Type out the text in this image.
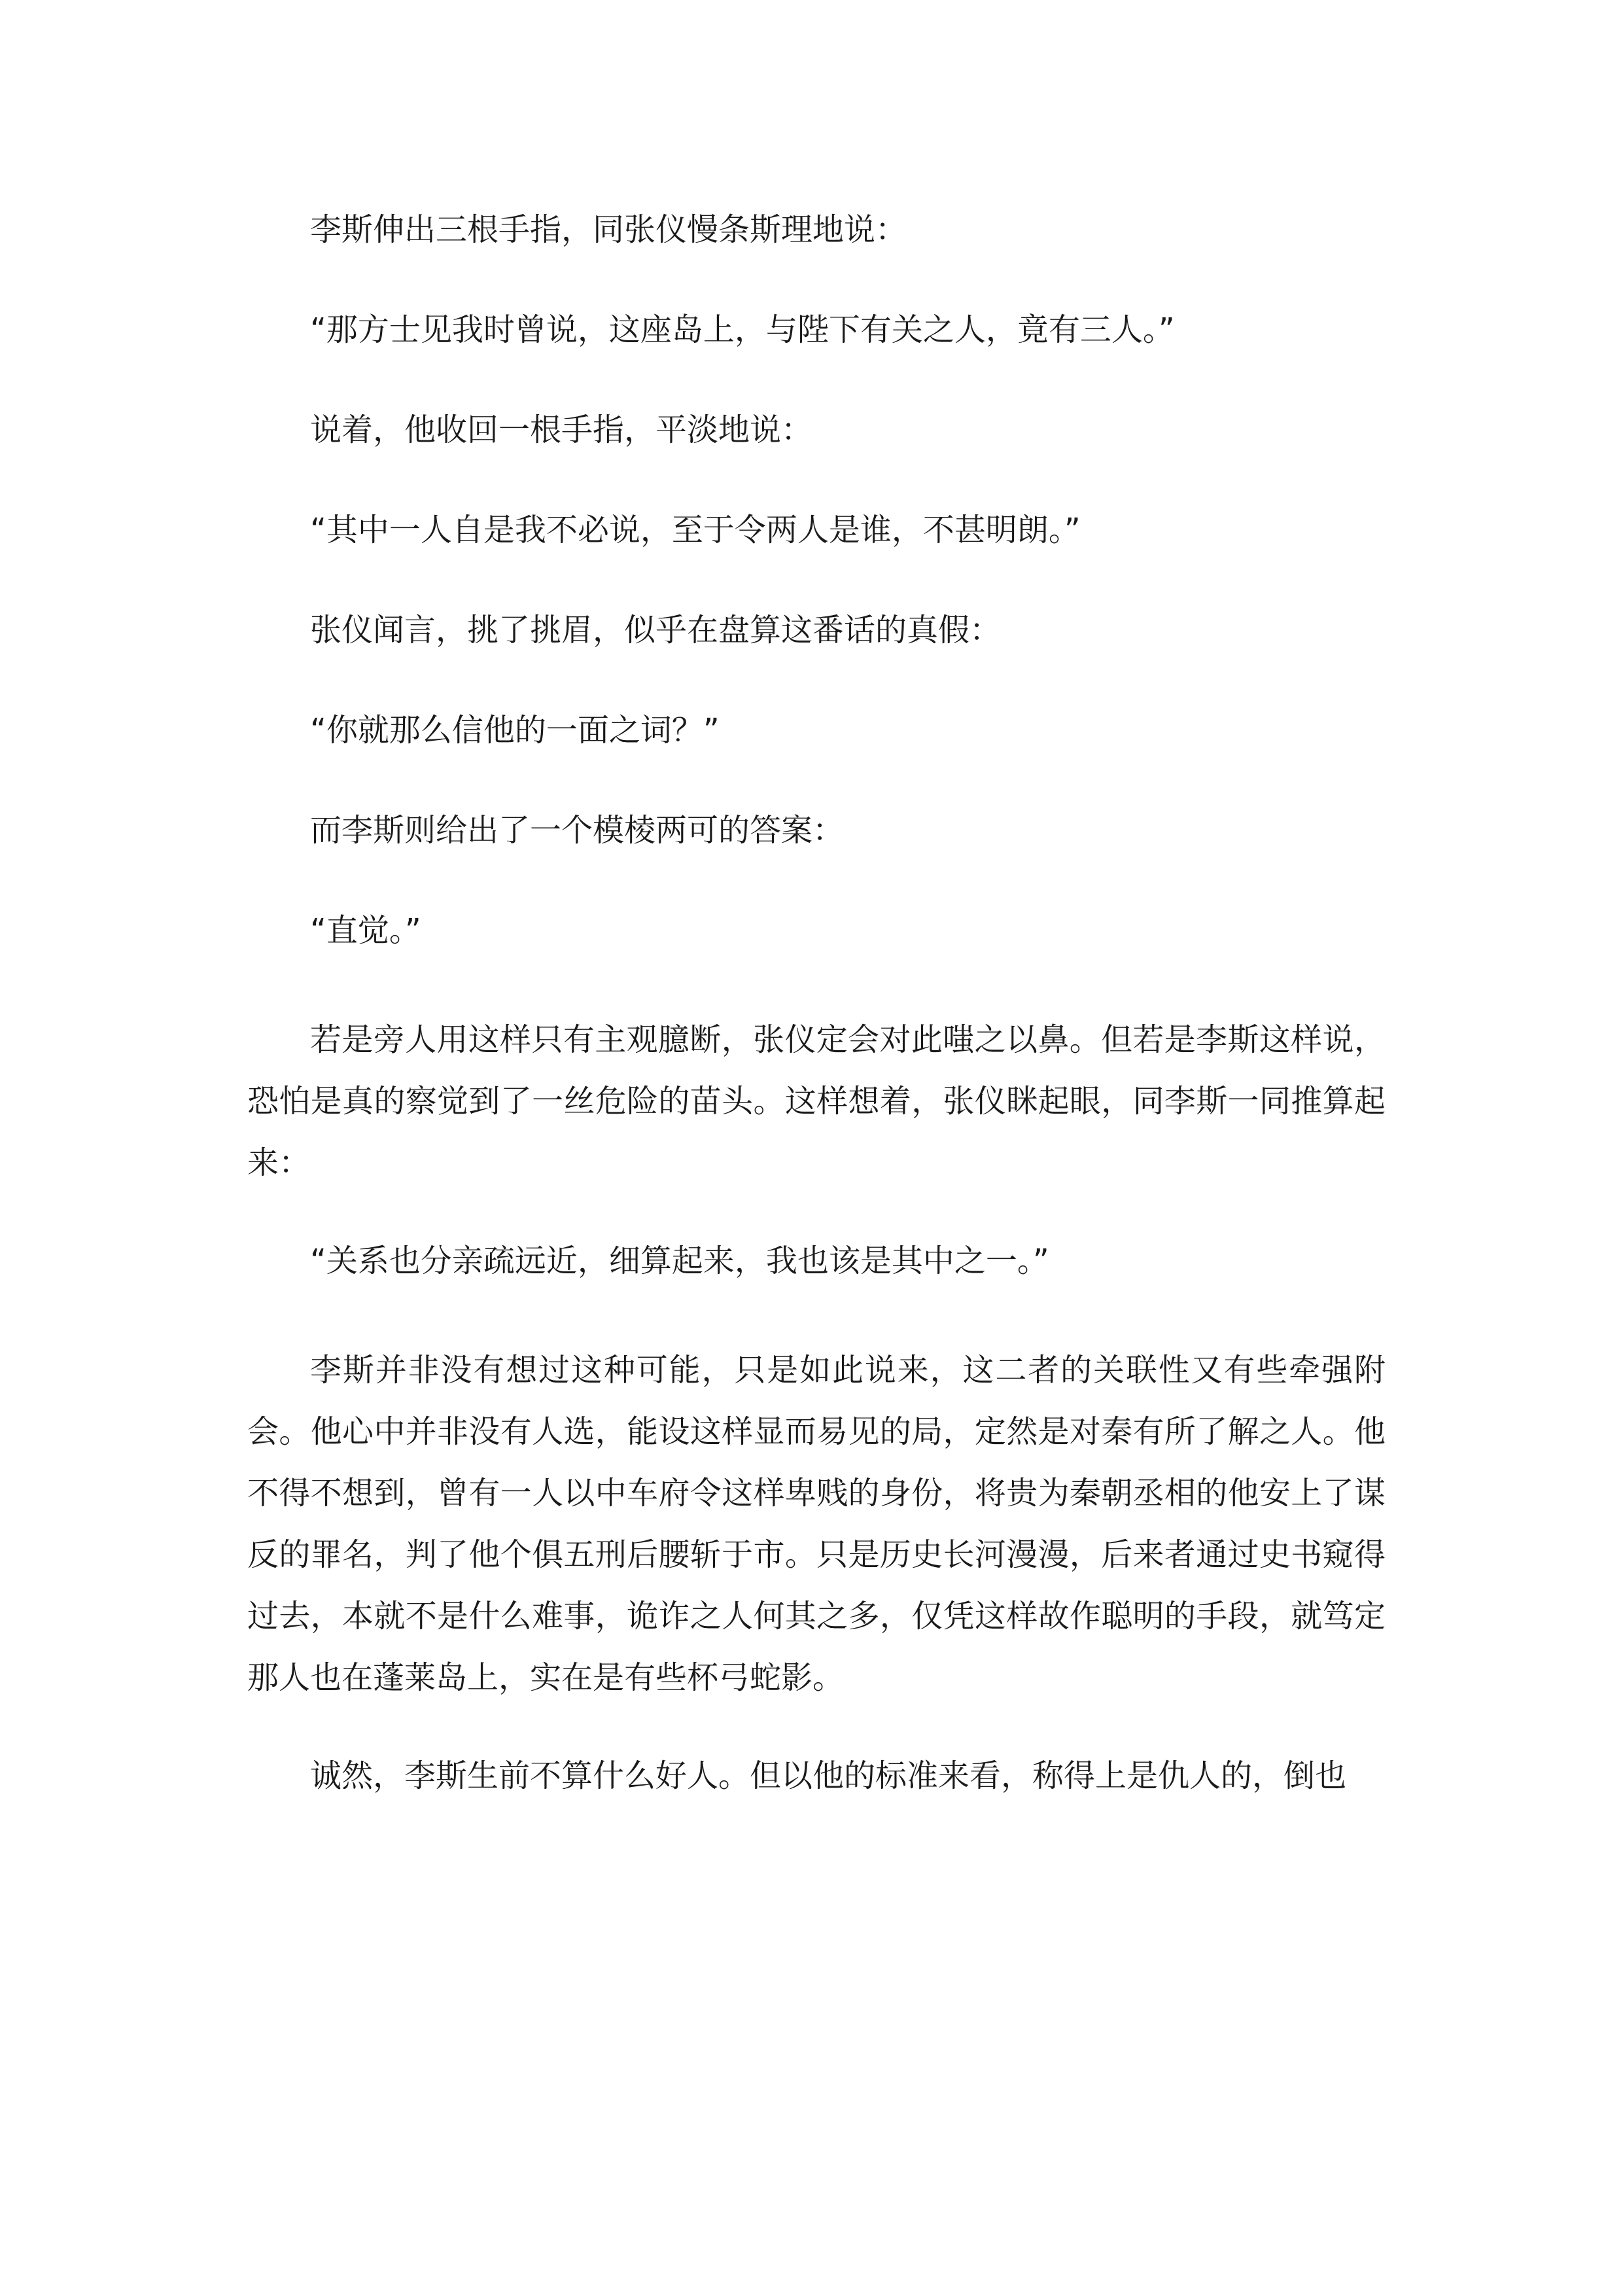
李斯伸出三根手指，同张仪慢条斯理地说：

“那方士见我时曾说，这座岛上，与陛下有关之人，竟有三人。”

说着，他收回一根手指，平淡地说：

“其中一人自是我不必说，至于令两人是谁，不甚明朗。”

张仪闻言，挑了挑眉，似乎在盘算这番话的真假：

“你就那么信他的一面之词？”

而李斯则给出了一个模棱两可的答案：

“直觉。”

若是旁人用这样只有主观臆断，张仪定会对此嗤之以鼻。但若是李斯这样说，恐怕是真的察觉到了一丝危险的苗头。这样想着，张仪眯起眼，同李斯一同推算起来：

“关系也分亲疏远近，细算起来，我也该是其中之一。”

李斯并非没有想过这种可能，只是如此说来，这二者的关联性又有些牵强附会。他心中并非没有人选，能设这样显而易见的局，定然是对秦有所了解之人。他不得不想到，曾有一人以中车府令这样卑贱的身份，将贵为秦朝丞相的他安上了谋反的罪名，判了他个俱五刑后腰斩于市。只是历史长河漫漫，后来者通过史书窥得过去，本就不是什么难事，诡诈之人何其之多，仅凭这样故作聪明的手段，就笃定那人也在蓬莱岛上，实在是有些杯弓蛇影。

诚然，李斯生前不算什么好人。但以他的标准来看，称得上是仇人的，倒也
